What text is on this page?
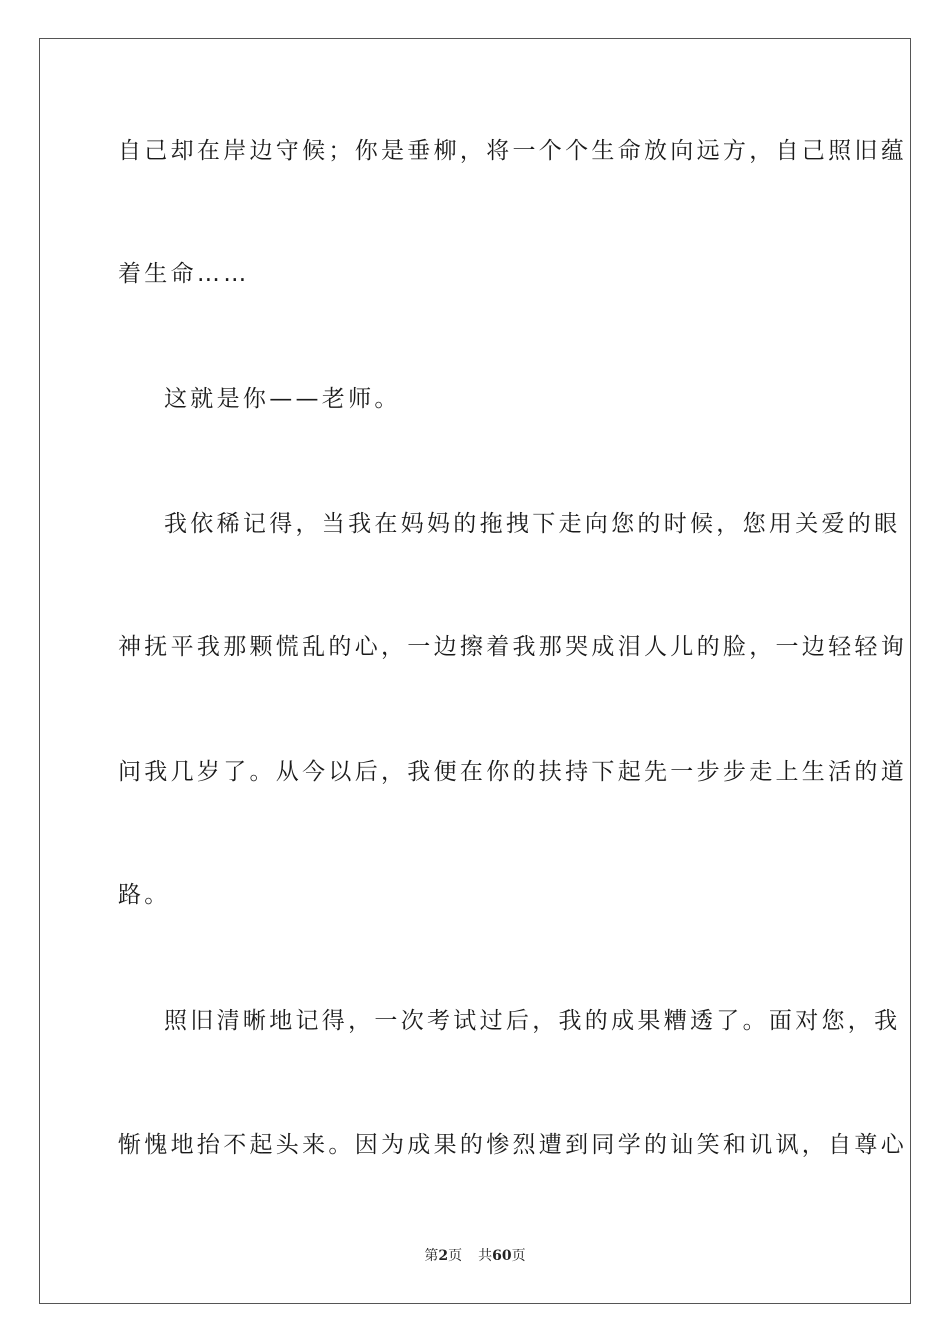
自己却在岸边守候；你是垂柳，将一个个生命放向远方，自己照旧蕴
着生命……
这就是你——老师。
我依稀记得，当我在妈妈的拖拽下走向您的时候，您用关爱的眼
神抚平我那颗慌乱的心，一边擦着我那哭成泪人儿的脸，一边轻轻询
问我几岁了。从今以后，我便在你的扶持下起先一步步走上生活的道
路。
照旧清晰地记得，一次考试过后，我的成果糟透了。面对您，我
惭愧地抬不起头来。因为成果的惨烈遭到同学的讪笑和讥讽，自尊心
第2页 共60页
